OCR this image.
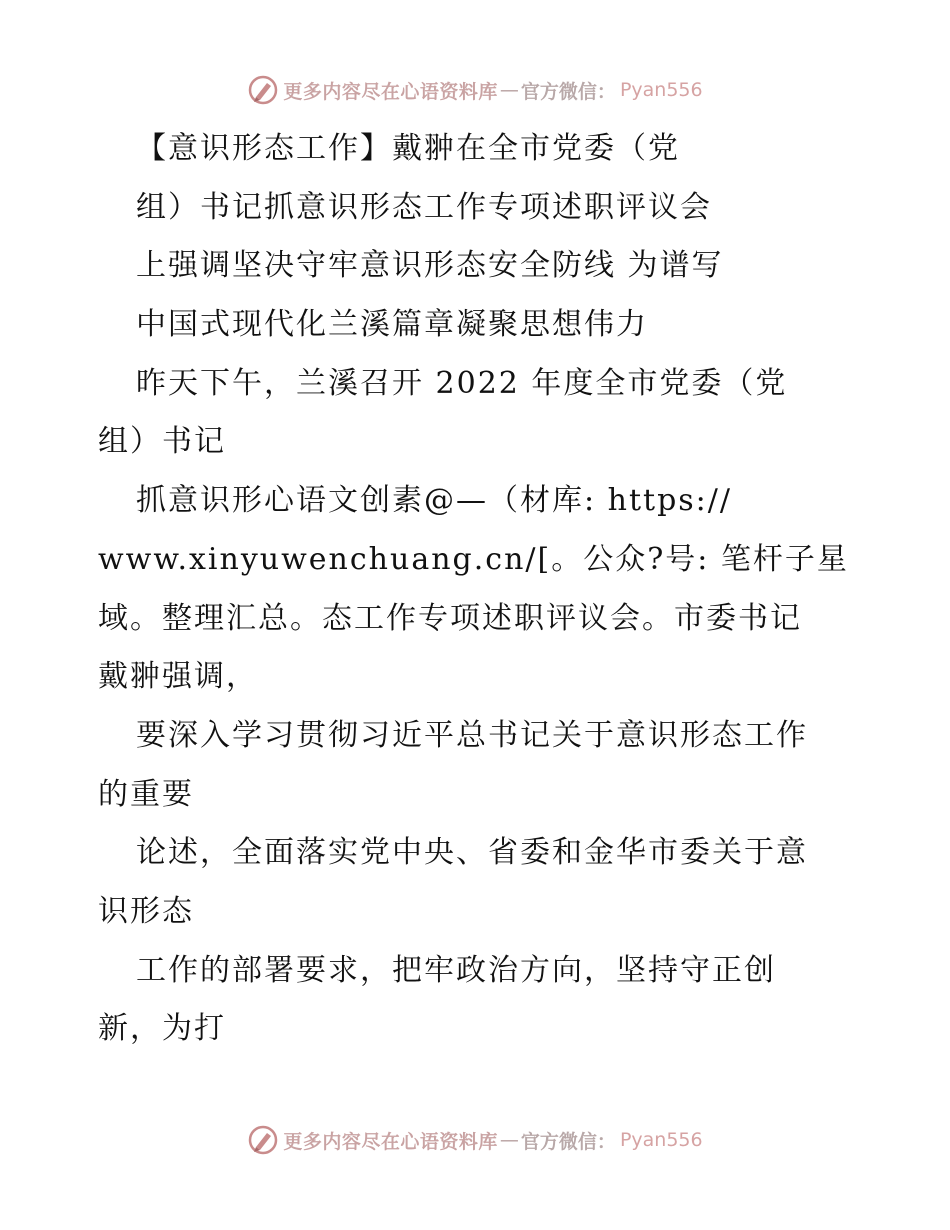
更多内容尽在心语资料库 — 官方微信： Pyan556
【意识形态工作】戴翀在全市党委（党
组）书记抓意识形态工作专项述职评议会
上强调坚决守牢意识形态安全防线 为谱写
中国式现代化兰溪篇章凝聚思想伟力
昨天下午，兰溪召开 2022 年度全市党委（党
组）书记
抓意识形心语文创素@—（材库: https://
www.xinyuwenchuang.cn/[。公众?号: 笔杆子星
域。整理汇总。态工作专项述职评议会。市委书记
戴翀强调，
要深入学习贯彻习近平总书记关于意识形态工作
的重要
论述，全面落实党中央、省委和金华市委关于意
识形态
工作的部署要求，把牢政治方向，坚持守正创
新，为打
更多内容尽在心语资料库 — 官方微信： Pyan556
